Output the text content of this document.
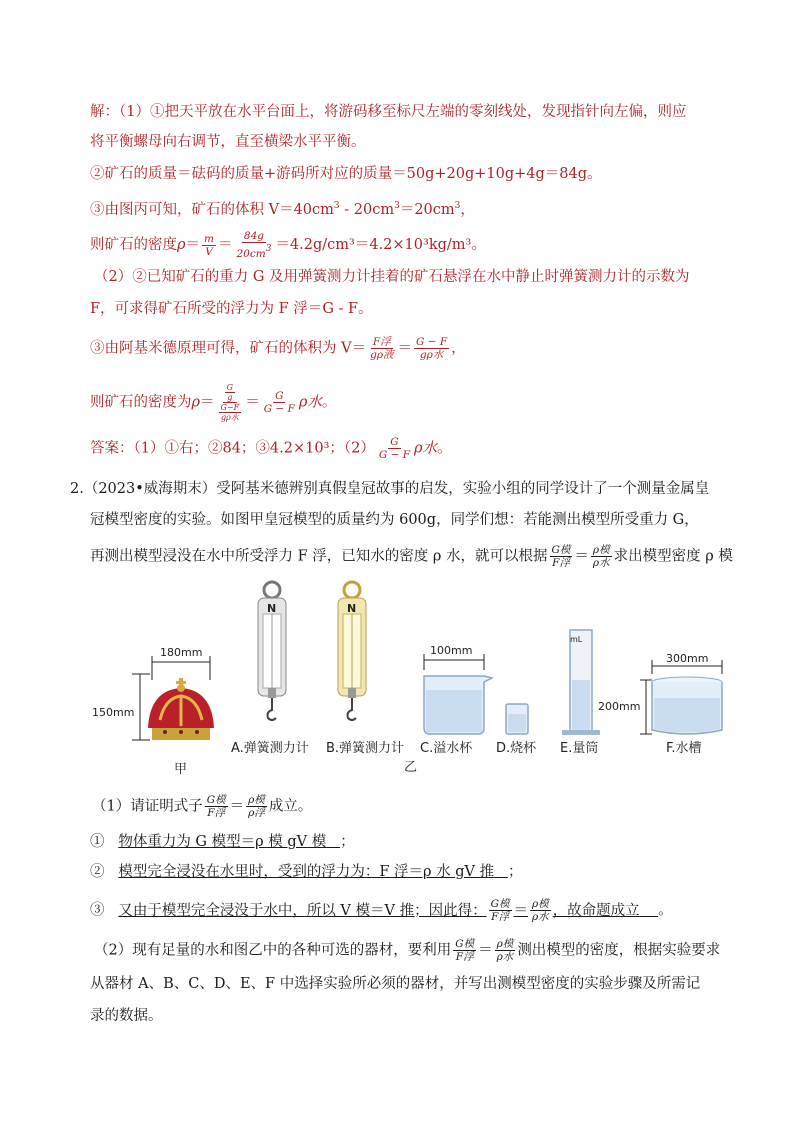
解：（1）①把天平放在水平台面上，将游码移至标尺左端的零刻线处，发现指针向左偏，则应
将平衡螺母向右调节，直至横梁水平平衡。
②矿石的质量＝砝码的质量+游码所对应的质量＝50g+20g+10g+4g＝84g。
③由图丙可知，矿石的体积 $V=40cm^3 - 20cm^3=20cm^3$，
则矿石的密度$\rho= \frac{m}{V} = \frac{84g}{20cm3} =4.2g/cm^3=4.2\times 10^3kg/m^3$。
（2）②已知矿石的重力 G 及用弹簧测力计挂着的矿石悬浮在水中静止时弹簧测力计的示数为
F，可求得矿石所受的浮力为 F 浮＝G - F。
③由阿基米德原理可得，矿石的体积为 $V= \frac{\text{F浮}}{\text{gρ液}} = \frac{G - F}{\text{gρ水}}$ ，
则矿石的密度为$\rho= \frac{\frac{G}{g}}{\frac{G-F}{\text{gρ水}}} = \frac{G}{G - F}$ ρ水。
答案：（1）①右；②84；③4.2×10³；$(2) \frac{G}{G - F}$ ρ水。
2.（2023•威海期末）受阿基米德辨别真假皇冠故事的启发，实验小组的同学设计了一个测量金属皇
冠模型密度的实验。如图甲皇冠模型的质量约为 600g，同学们想：若能测出模型所受重力 G，
再测出模型浸没在水中所受浮力 F 浮，已知水的密度 ρ 水，就可以根据 $\frac{\text{G模}}{\text{F浮}} = \frac{\text{ρ模}}{\text{ρ水}}$ 求出模型密度 ρ 模
180mm
150mm
N	N
100mm
mL
300mm
200mm
A.弹簧测力计 B.弹簧测力计 C.溢水杯 D.烧杯 E.量筒	F.水槽
甲	乙
（1）请证明式子 $\frac{\text{G模}}{\text{F浮}} = \frac{\text{ρ模}}{\text{ρ浮}}$ 成立。
① 物体重力为 G 模型＝ρ 模 gV 模 ；
② 模型完全浸没在水里时，受到的浮力为：F 浮＝ρ 水 gV 推 ；
③ 又由于模型完全浸没于水中，所以 V 模＝V 推；因此得： $\frac{\text{G模}}{\text{F浮}} = \frac{\text{ρ模}}{\text{ρ水}}$ ，故命题成立 。
（2）现有足量的水和图乙中的各种可选的器材，要利用 $\frac{\text{G模}}{\text{F浮}} = \frac{\text{ρ模}}{\text{ρ水}}$ 测出模型的密度，根据实验要求
从器材 A、B、C、D、E、F 中选择实验所必须的器材，并写出测模型密度的实验步骤及所需记
录的数据。
